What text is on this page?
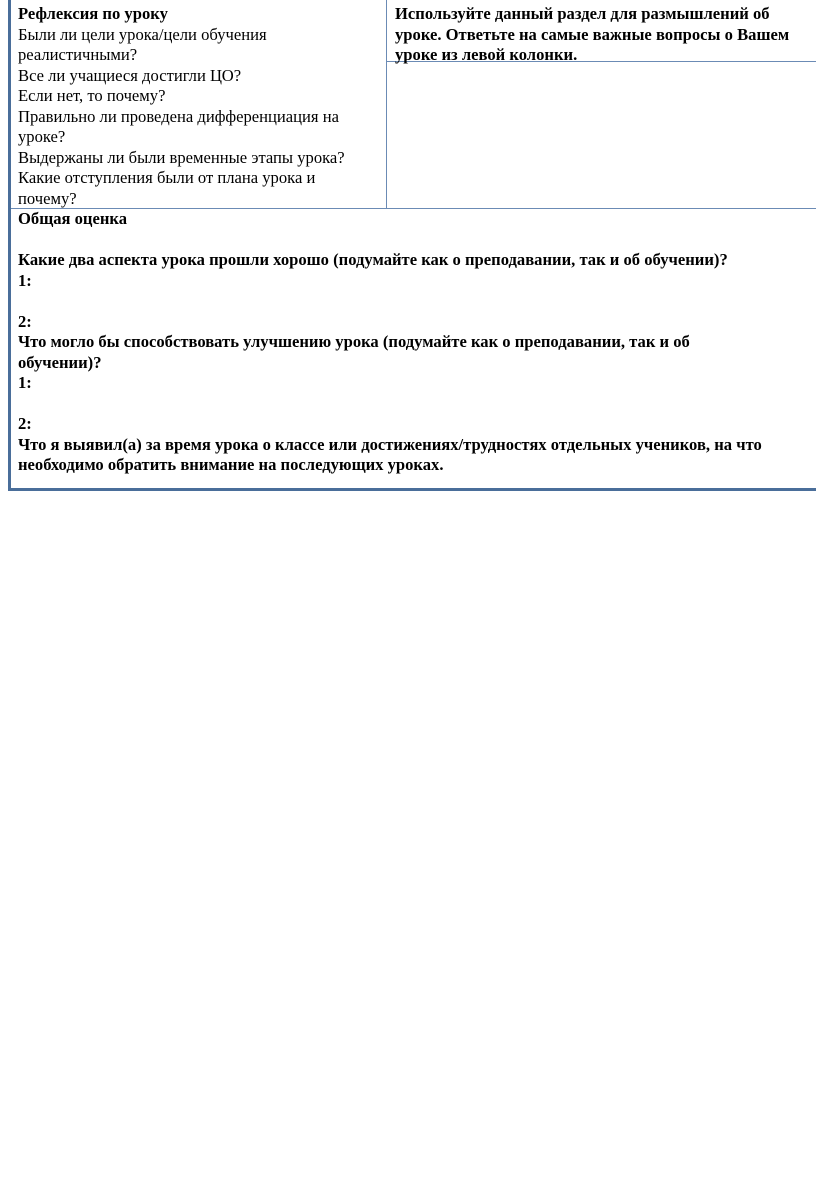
Рефлексия по уроку
Были ли цели урока/цели обучения
реалистичными?
Все ли учащиеся достигли ЦО?
Если нет, то почему?
Правильно ли проведена дифференциация на
уроке?
Выдержаны ли были временные этапы урока?
Какие отступления были от плана урока и
почему?
Используйте данный раздел для размышлений об
уроке. Ответьте на самые важные вопросы о Вашем
уроке из левой колонки.
Общая оценка
Какие два аспекта урока прошли хорошо (подумайте как о преподавании, так и об обучении)?
1:
2:
Что могло бы способствовать улучшению урока (подумайте как о преподавании, так и об
обучении)?
1:
2:
Что я выявил(а) за время урока о классе или достижениях/трудностях отдельных учеников, на что
необходимо обратить внимание на последующих уроках.
